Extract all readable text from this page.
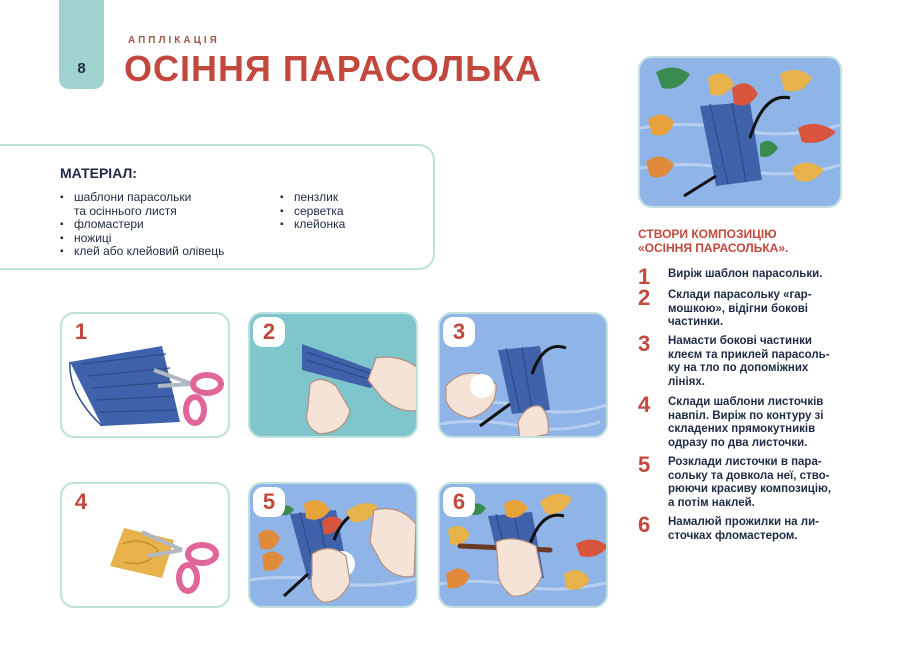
8
АППЛІКАЦІЯ
ОСІННЯ ПАРАСОЛЬКА
МАТЕРІАЛ:
▪ шаблони парасольки
та осіннього листя
▪ фломастери
▪ ножиці
▪ клей або клейовий олівець
▪ пензлик
▪ серветка
▪ клейонка
1	2	3
4	5	6
СТВОРИ КОМПОЗИЦІЮ
«ОСІННЯ ПАРАСОЛЬКА».
1 Виріж шаблон парасольки.
2 Склади парасольку «гар-
мошкою», відігни бокові
частинки.
3 Намасти бокові частинки
клеєм та приклей парасоль-
ку на тло по допоміжних
лініях.
4 Склади шаблони листочків
навпіл. Виріж по контуру зі
складених прямокутників
одразу по два листочки.
5 Розклади листочки в пара-
сольку та довкола неї, ство-
рюючи красиву композицію,
а потім наклей.
6 Намалюй прожилки на ли-
сточках фломастером.
